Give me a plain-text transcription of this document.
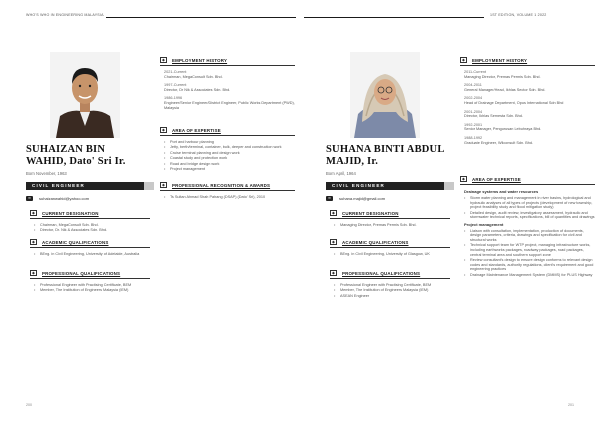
WHO'S WHO IN ENGINEERING MALAYSIA
SUHAIZAN BIN WAHID, Dato' Sri Ir.
Born November, 1963
CIVIL ENGINEER
✉	suhaizanwahid@yahoo.com
◆	CURRENT DESIGNATION
• Chairman, MegaConsult Sdn. Bhd.
• Director, Dr. Nik & Associates Sdn. Bhd.
◆	ACADEMIC QUALIFICATIONS
• BEng. in Civil Engineering, University of Adelaide, Australia
◆	PROFESSIONAL QUALIFICATIONS
• Professional Engineer with Practising Certificate, BEM
• Member, The Institution of Engineers Malaysia (IEM)
◆	EMPLOYMENT HISTORY
2021-Current
Chairman, MegaConsult Sdn. Bhd.
1997-Current
Director, Dr Nik & Associates Sdn. Bhd.
1986-1996
Engineer/Senior Engineer/District Engineer, Public Works Department (PWD), Malaysia
◆	AREA OF EXPERTISE
• Port and harbour planning
• Jetty, berth/terminal, container, bulk, deeper and construction work
• Cruise terminal planning and design work
• Coastal study and protection work
• Road and bridge design work
• Project management
◆	PROFESSIONAL RECOGNITION & AWARDS
• Ts Sultan Ahmad Shah Pahang (DSAP) (Dato' Sri), 2010
200
1ST EDITION, VOLUME 1 2022
SUHANA BINTI ABDUL MAJID, Ir.
Born April, 1964
CIVIL ENGINEER
✉	suhana.majid@gmail.com
◆	CURRENT DESIGNATION
• Managing Director, Premas Permis Sdn. Bhd.
◆	ACADEMIC QUALIFICATIONS
• BEng. in Civil Engineering, University of Glasgow, UK
◆	PROFESSIONAL QUALIFICATIONS
• Professional Engineer with Practising Certificate, BEM
• Member, The Institution of Engineers Malaysia (IEM)
• ASEAN Engineer
◆	EMPLOYMENT HISTORY
2011-Current
Managing Director, Premas Permis Sdn. Bhd.
2004-2011
General Manager/Head, Ikhlas Sector Sdn. Bhd.
2002-2004
Head of Drainage Department, Opus International Sdn Bhd
2001-2004
Director, Ikhlas Semesta Sdn. Bhd.
1992-2001
Senior Manager, Pengurusan Lebuhraya Bhd.
1988-1992
Graduate Engineer, Wilconsult Sdn. Bhd.
◆	AREA OF EXPERTISE
Drainage systems and water resources
• Storm water planning and management in river basins, hydrological and hydraulic analyses of all types of projects (development of new township, project feasibility study and flood mitigation study)
• Detailed design, audit review, investigatory assessment, hydraulic and stormwater technical reports, specifications, bill of quantities and drawings
Project management
• Liaison with consultation, implementation, production of documents, design parameters, criteria, drawings and specification for civil and structural works
• Technical support team for WTP project, managing infrastructure works, including earthworks packages, roadway packages, road packages, central terminal area and southern support zone
• Review consultant's design to ensure design conforms to relevant design codes and standards, authority regulations, client's requirement and good engineering practices
• Drainage Maintenance Management System (DMMS) for PLUS Highway
201
